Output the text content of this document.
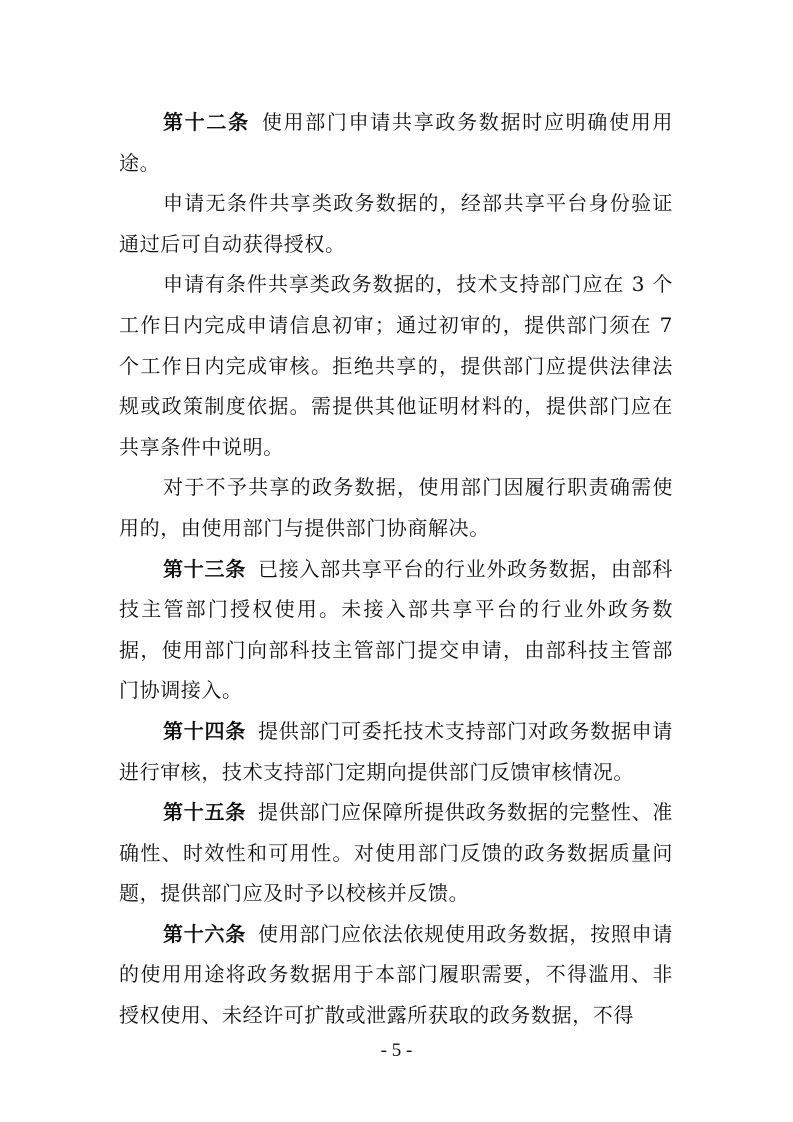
第十二条 使用部门申请共享政务数据时应明确使用用途。

申请无条件共享类政务数据的，经部共享平台身份验证通过后可自动获得授权。

申请有条件共享类政务数据的，技术支持部门应在 3 个工作日内完成申请信息初审；通过初审的，提供部门须在 7 个工作日内完成审核。拒绝共享的，提供部门应提供法律法规或政策制度依据。需提供其他证明材料的，提供部门应在共享条件中说明。

对于不予共享的政务数据，使用部门因履行职责确需使用的，由使用部门与提供部门协商解决。

第十三条 已接入部共享平台的行业外政务数据，由部科技主管部门授权使用。未接入部共享平台的行业外政务数据，使用部门向部科技主管部门提交申请，由部科技主管部门协调接入。

第十四条 提供部门可委托技术支持部门对政务数据申请进行审核，技术支持部门定期向提供部门反馈审核情况。

第十五条 提供部门应保障所提供政务数据的完整性、准确性、时效性和可用性。对使用部门反馈的政务数据质量问题，提供部门应及时予以校核并反馈。

第十六条 使用部门应依法依规使用政务数据，按照申请的使用用途将政务数据用于本部门履职需要，不得滥用、非授权使用、未经许可扩散或泄露所获取的政务数据，不得

- 5 -
